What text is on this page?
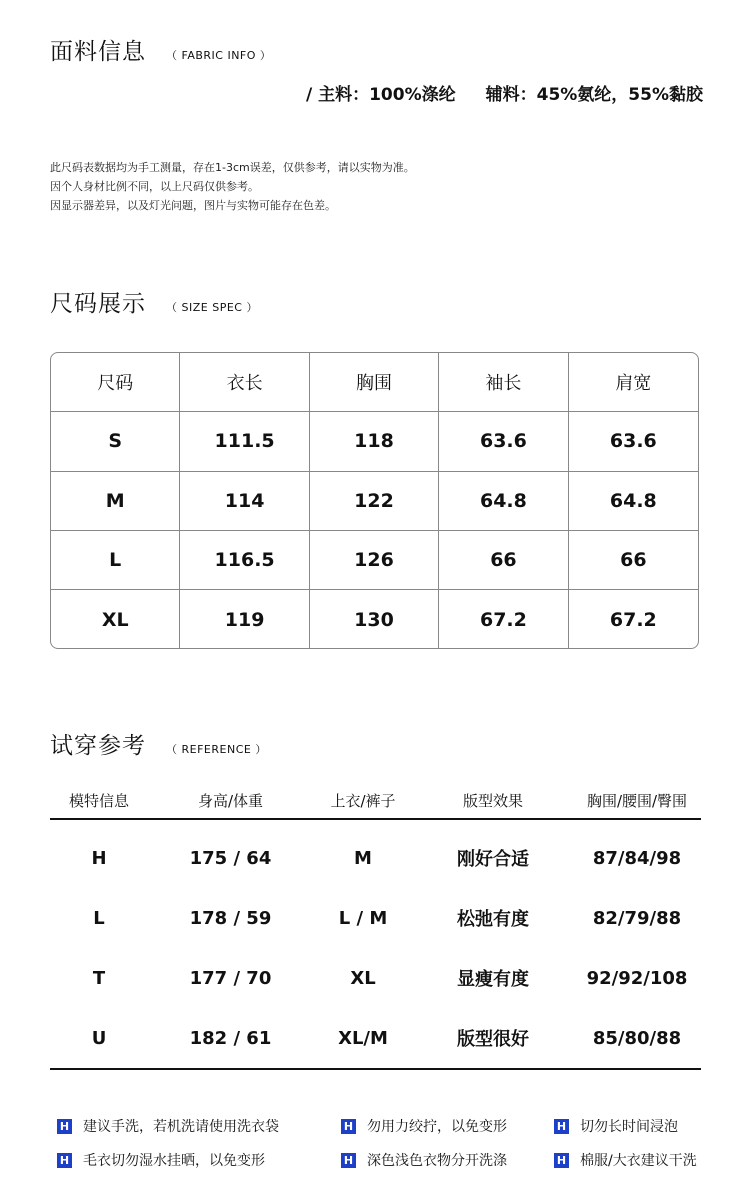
面料信息 （ FABRIC INFO ）
/ 主料：100%涤纶 辅料：45%氨纶，55%黏胶
此尺码表数据均为手工测量，存在1-3cm误差，仅供参考，请以实物为准。
因个人身材比例不同，以上尺码仅供参考。
因显示器差异，以及灯光问题，图片与实物可能存在色差。
尺码展示 （ SIZE SPEC ）
尺码	衣长	胸围	袖长	肩宽
S	111.5	118	63.6	63.6
M	114	122	64.8	64.8
L	116.5	126	66	66
XL	119	130	67.2	67.2
试穿参考 （ REFERENCE ）
模特信息	身高/体重	上衣/裤子	版型效果	胸围/腰围/臀围
H	175 / 64	M	刚好合适	87/84/98
L	178 / 59	L / M	松弛有度	82/79/88
T	177 / 70	XL	显瘦有度	92/92/108
U	182 / 61	XL/M	版型很好	85/80/88
H 建议手洗，若机洗请使用洗衣袋	H 勿用力绞拧，以免变形	H 切勿长时间浸泡
H 毛衣切勿湿水挂晒，以免变形	H 深色浅色衣物分开洗涤	H 棉服/大衣建议干洗
